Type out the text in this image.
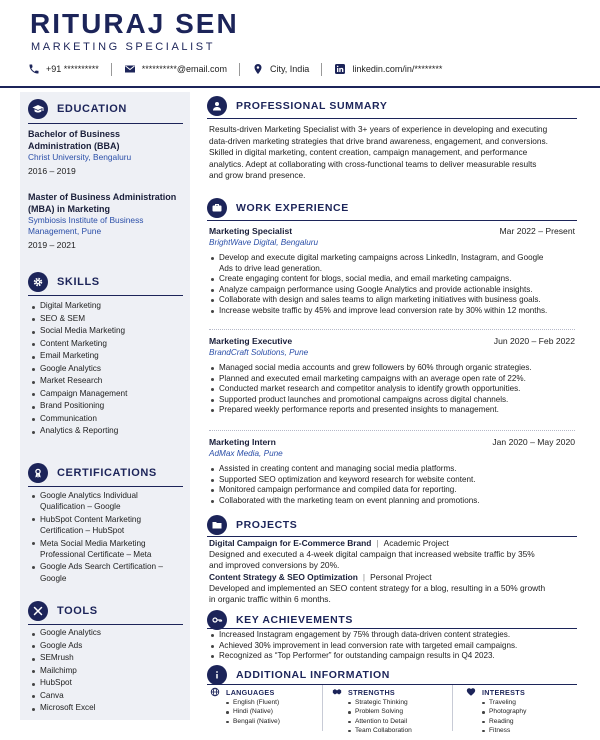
RITURAJ SEN
MARKETING SPECIALIST
+91 **********	**********@email.com	City, India	linkedin.com/in/********
EDUCATION
Bachelor of Business
Administration (BBA)
Christ University, Bengaluru
2016 – 2019
Master of Business Administration
(MBA) in Marketing
Symbiosis Institute of Business
Management, Pune
2019 – 2021
SKILLS
Digital Marketing
SEO & SEM
Social Media Marketing
Content Marketing
Email Marketing
Google Analytics
Market Research
Campaign Management
Brand Positioning
Communication
Analytics & Reporting
CERTIFICATIONS
Google Analytics Individual Qualification – Google
HubSpot Content Marketing Certification – HubSpot
Meta Social Media Marketing Professional Certificate – Meta
Google Ads Search Certification – Google
TOOLS
Google Analytics
Google Ads
SEMrush
Mailchimp
HubSpot
Canva
Microsoft Excel
PROFESSIONAL SUMMARY
Results-driven Marketing Specialist with 3+ years of experience in developing and executing
data-driven marketing strategies that drive brand awareness, engagement, and conversions.
Skilled in digital marketing, content creation, campaign management, and performance
analytics. Adept at collaborating with cross-functional teams to deliver measurable results
and grow brand presence.
WORK EXPERIENCE
Marketing Specialist	Mar 2022 – Present
BrightWave Digital, Bengaluru
Develop and execute digital marketing campaigns across LinkedIn, Instagram, and Google
Ads to drive lead generation.
Create engaging content for blogs, social media, and email marketing campaigns.
Analyze campaign performance using Google Analytics and provide actionable insights.
Collaborate with design and sales teams to align marketing initiatives with business goals.
Increase website traffic by 45% and improve lead conversion rate by 30% within 12 months.
Marketing Executive	Jun 2020 – Feb 2022
BrandCraft Solutions, Pune
Managed social media accounts and grew followers by 60% through organic strategies.
Planned and executed email marketing campaigns with an average open rate of 22%.
Conducted market research and competitor analysis to identify growth opportunities.
Supported product launches and promotional campaigns across digital channels.
Prepared weekly performance reports and presented insights to management.
Marketing Intern	Jan 2020 – May 2020
AdMax Media, Pune
Assisted in creating content and managing social media platforms.
Supported SEO optimization and keyword research for website content.
Monitored campaign performance and compiled data for reporting.
Collaborated with the marketing team on event planning and promotions.
PROJECTS
Digital Campaign for E-Commerce Brand | Academic Project
Designed and executed a 4-week digital campaign that increased website traffic by 35%
and improved conversions by 20%.
Content Strategy & SEO Optimization | Personal Project
Developed and implemented an SEO content strategy for a blog, resulting in a 50% growth
in organic traffic within 6 months.
KEY ACHIEVEMENTS
Increased Instagram engagement by 75% through data-driven content strategies.
Achieved 30% improvement in lead conversion rate with targeted email campaigns.
Recognized as “Top Performer” for outstanding campaign results in Q4 2023.
ADDITIONAL INFORMATION
LANGUAGES
English (Fluent)
Hindi (Native)
Bengali (Native)
STRENGTHS
Strategic Thinking
Problem Solving
Attention to Detail
Team Collaboration
INTERESTS
Traveling
Photography
Reading
Fitness
